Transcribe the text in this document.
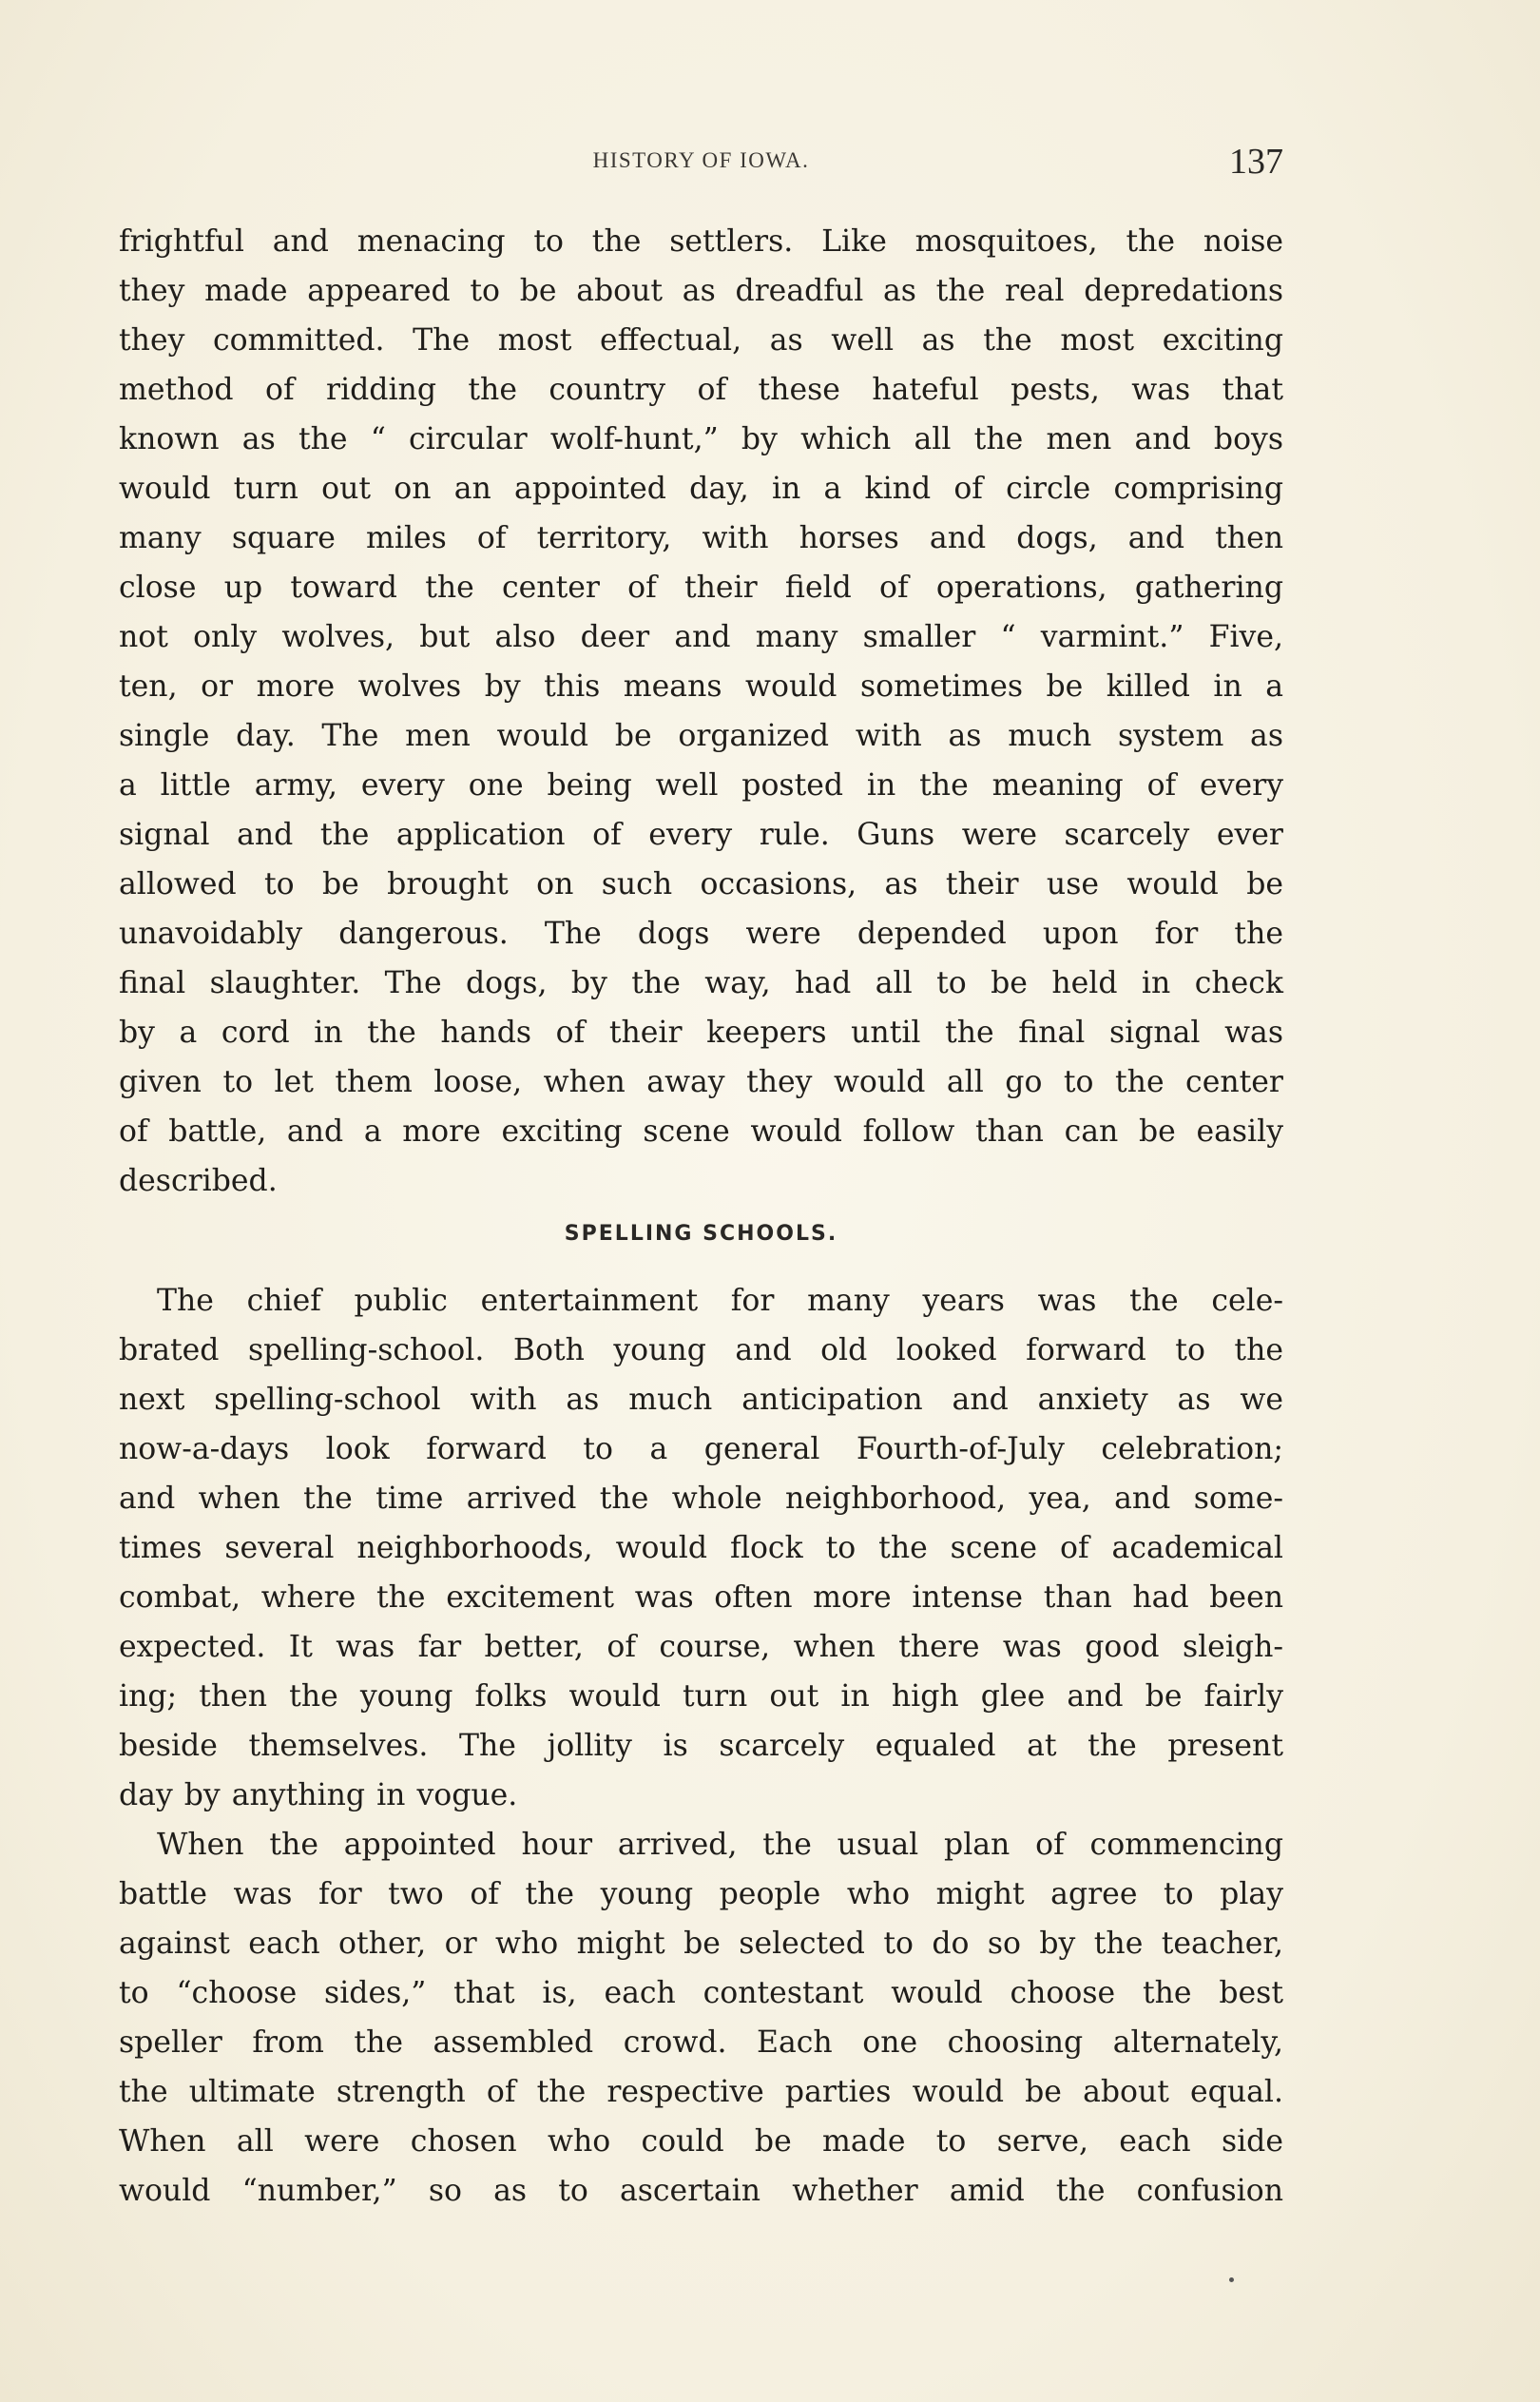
HISTORY OF IOWA.	137
frightful and menacing to the settlers. Like mosquitoes, the noise
they made appeared to be about as dreadful as the real depredations
they committed. The most effectual, as well as the most exciting
method of ridding the country of these hateful pests, was that
known as the “ circular wolf-hunt,” by which all the men and boys
would turn out on an appointed day, in a kind of circle comprising
many square miles of territory, with horses and dogs, and then
close up toward the center of their field of operations, gathering
not only wolves, but also deer and many smaller “ varmint.” Five,
ten, or more wolves by this means would sometimes be killed in a
single day. The men would be organized with as much system as
a little army, every one being well posted in the meaning of every
signal and the application of every rule. Guns were scarcely ever
allowed to be brought on such occasions, as their use would be
unavoidably dangerous. The dogs were depended upon for the
final slaughter. The dogs, by the way, had all to be held in check
by a cord in the hands of their keepers until the final signal was
given to let them loose, when away they would all go to the center
of battle, and a more exciting scene would follow than can be easily
described.
SPELLING SCHOOLS.
The chief public entertainment for many years was the cele-
brated spelling-school. Both young and old looked forward to the
next spelling-school with as much anticipation and anxiety as we
now-a-days look forward to a general Fourth-of-July celebration;
and when the time arrived the whole neighborhood, yea, and some-
times several neighborhoods, would flock to the scene of academical
combat, where the excitement was often more intense than had been
expected. It was far better, of course, when there was good sleigh-
ing; then the young folks would turn out in high glee and be fairly
beside themselves. The jollity is scarcely equaled at the present
day by anything in vogue.
When the appointed hour arrived, the usual plan of commencing
battle was for two of the young people who might agree to play
against each other, or who might be selected to do so by the teacher,
to “choose sides,” that is, each contestant would choose the best
speller from the assembled crowd. Each one choosing alternately,
the ultimate strength of the respective parties would be about equal.
When all were chosen who could be made to serve, each side
would “number,” so as to ascertain whether amid the confusion
